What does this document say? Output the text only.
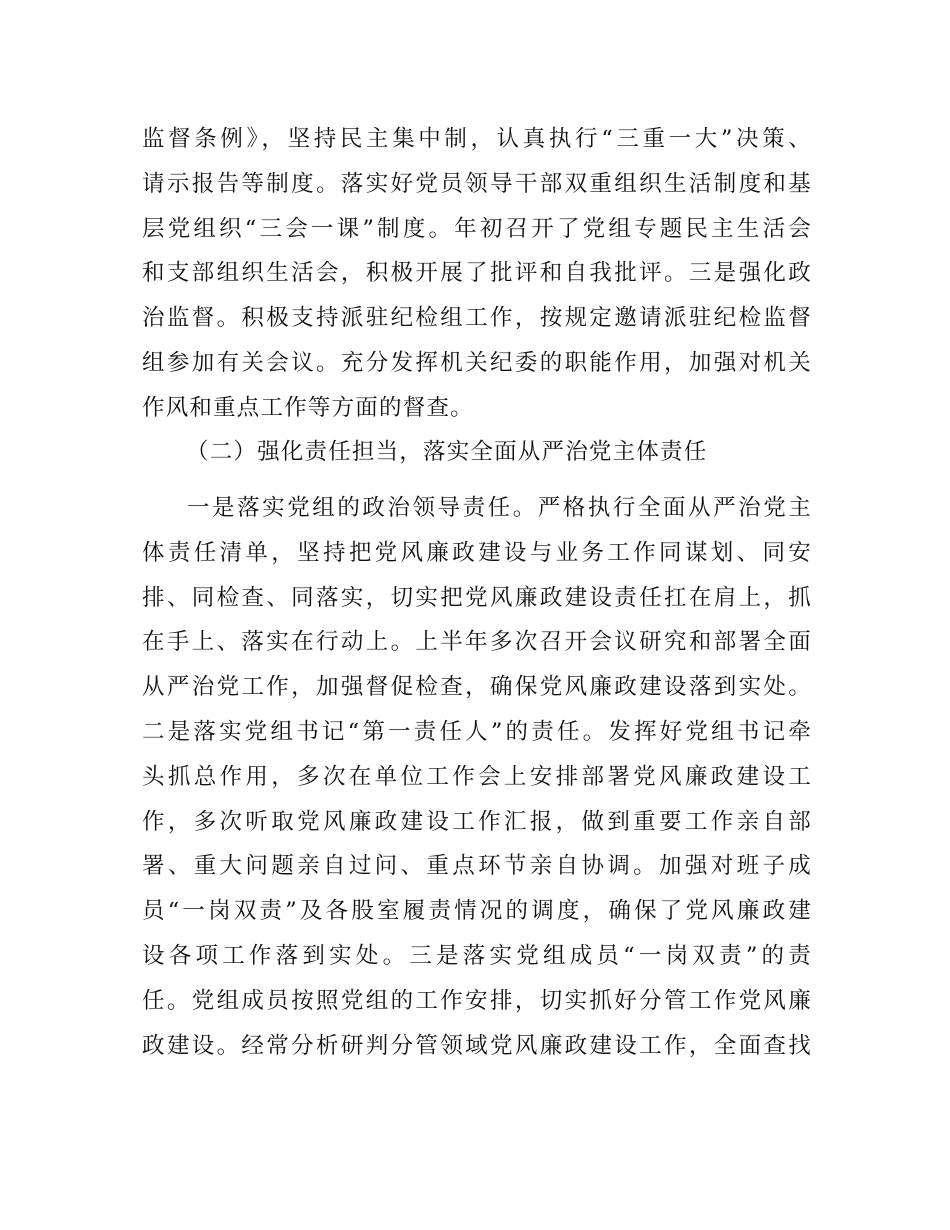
监督条例》，坚持民主集中制，认真执行“三重一大”决策、
请示报告等制度。落实好党员领导干部双重组织生活制度和基
层党组织“三会一课”制度。年初召开了党组专题民主生活会
和支部组织生活会，积极开展了批评和自我批评。三是强化政
治监督。积极支持派驻纪检组工作，按规定邀请派驻纪检监督
组参加有关会议。充分发挥机关纪委的职能作用，加强对机关
作风和重点工作等方面的督查。
（二）强化责任担当，落实全面从严治党主体责任
一是落实党组的政治领导责任。严格执行全面从严治党主
体责任清单，坚持把党风廉政建设与业务工作同谋划、同安
排、同检查、同落实，切实把党风廉政建设责任扛在肩上，抓
在手上、落实在行动上。上半年多次召开会议研究和部署全面
从严治党工作，加强督促检查，确保党风廉政建设落到实处。
二是落实党组书记“第一责任人”的责任。发挥好党组书记牵
头抓总作用，多次在单位工作会上安排部署党风廉政建设工
作，多次听取党风廉政建设工作汇报，做到重要工作亲自部
署、重大问题亲自过问、重点环节亲自协调。加强对班子成
员“一岗双责”及各股室履责情况的调度，确保了党风廉政建
设各项工作落到实处。三是落实党组成员“一岗双责”的责
任。党组成员按照党组的工作安排，切实抓好分管工作党风廉
政建设。经常分析研判分管领域党风廉政建设工作，全面查找
